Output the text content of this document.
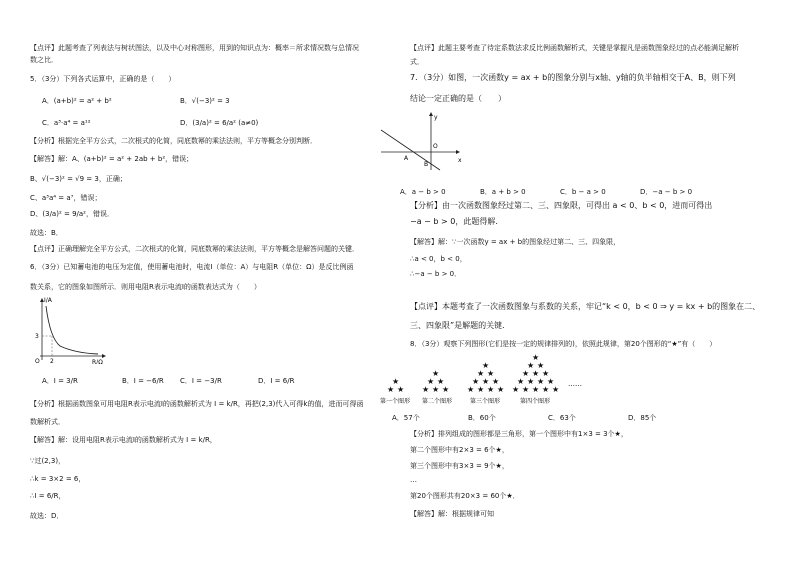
【点评】此题考查了列表法与树状图法，以及中心对称图形，用到的知识点为：概率＝所求情况数与总情况
数之比．
5．（3分）下列各式运算中，正确的是（　　）
A．(a+b)² = a² + b²	B．√(−3)² = 3
C．a³·a⁴ = a¹²	D．(3/a)² = 6/a² (a≠0)
【分析】根据完全平方公式，二次根式的化简，同底数幂的乘法法则，平方等概念分别判断．
【解答】解：A、(a+b)² = a² + 2ab + b²，错误；
B、√(−3)² = √9 = 3，正确；
C、a³a⁴ = a⁷，错误；
D、(3/a)² = 9/a²，错误．
故选：B．
【点评】正确理解完全平方公式，二次根式的化简，同底数幂的乘法法则，平方等概念是解答问题的关键．
6．（3分）已知蓄电池的电压为定值，使用蓄电池时，电流I（单位：A）与电阻R（单位：Ω）是反比例函
数关系，它的图象如图所示．则用电阻R表示电流I的函数表达式为（　　）
I/A
R/Ω
O 2
3
A．I = 3/R	B．I = −6/R C．I = −3/R	D．I = 6/R
【分析】根据函数图象可用电阻R表示电流I的函数解析式为 I = k/R，再把(2,3)代入可得k的值，进而可得函
数解析式．
【解答】解：设用电阻R表示电流I的函数解析式为 I = k/R，
∵过(2,3)，
∴k = 3×2 = 6，
∴I = 6/R，
故选：D．
【点评】此题主要考查了待定系数法求反比例函数解析式，关键是掌握凡是函数图象经过的点必能满足解析
式．
7．（3分）如图，一次函数y = ax + b的图象分别与x轴、y轴的负半轴相交于A、B，则下列
结论一定正确的是（　　）
y
x
O
A
B
A．a − b > 0	B．a + b > 0	C．b − a > 0	D．−a − b > 0
【分析】由一次函数图象经过第二、三、四象限，可得出 a < 0、b < 0，进而可得出
−a − b > 0，此题得解．
【解答】解：∵一次函数y = ax + b的图象经过第二、三、四象限，
∴a < 0，b < 0，
∴−a − b > 0．
【点评】本题考查了一次函数图象与系数的关系，牢记“k < 0，b < 0 ⇒ y = kx + b的图象在二、
三、四象限”是解题的关键．
8．（3分）观察下列图形(它们是按一定的规律排列的)，依照此规律，第20个图形的“★”有（　　）
★
★ ★
★
★ ★
★ ★ ★
★
★ ★
★ ★ ★
★ ★ ★ ★
★
★ ★
★ ★ ★
★ ★ ★ ★
★ ★ ★ ★ ★
……
第一个图形 第二个图形	第三个图形	第四个图形
A．57个	B．60个	C．63个	D．85个
【分析】排列组成的图形都是三角形，第一个图形中有1×3 = 3个★，
第二个图形中有2×3 = 6个★，
第三个图形中有3×3 = 9个★，
…
第20个图形共有20×3 = 60个★．
【解答】解：根据规律可知
